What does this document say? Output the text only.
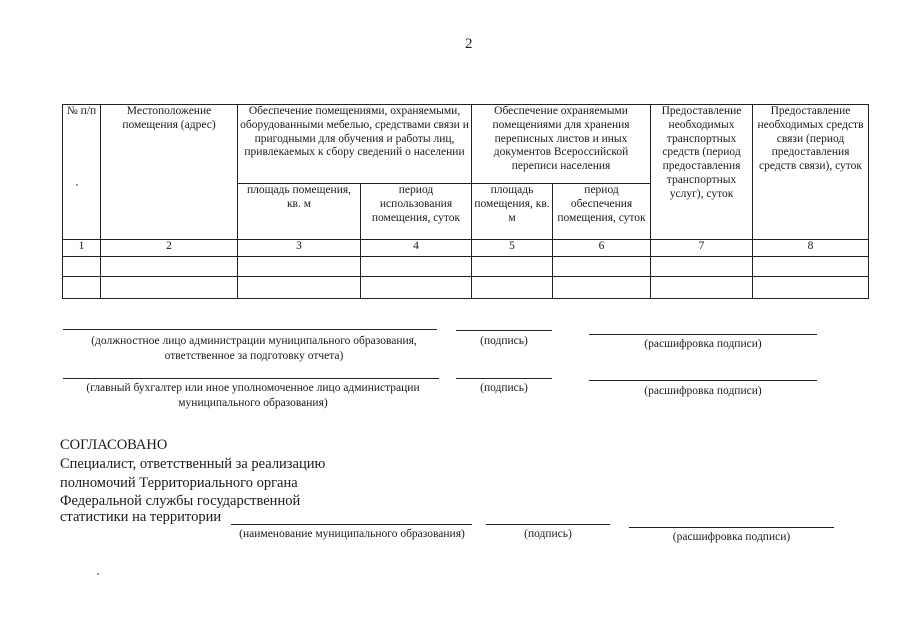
2
№ п/п	Местоположение помещения (адрес)	Обеспечение помещениями, охраняемыми, оборудованными мебелью, средствами связи и пригодными для обучения и работы лиц, привлекаемых к сбору сведений о населении		Обеспечение охраняемыми помещениями для хранения переписных листов и иных документов Всероссийской переписи населения		Предоставление необходимых транспортных средств (период предоставления транспортных услуг), суток	Предоставление необходимых средств связи (период предоставления средств связи), суток
		площадь помещения, кв. м	период использования помещения, суток	площадь помещения, кв. м	период обеспечения помещения, суток		
1	2	3	4	5	6	7	8

(должностное лицо администрации муниципального образования, ответственное за подготовку отчета)
(подпись)	(расшифровка подписи)
(главный бухгалтер или иное уполномоченное лицо администрации муниципального образования)
(подпись)	(расшифровка подписи)
СОГЛАСОВАНО
Специалист, ответственный за реализацию
полномочий Территориального органа
Федеральной службы государственной
статистики на территории
(наименование муниципального образования)	(подпись)	(расшифровка подписи)
